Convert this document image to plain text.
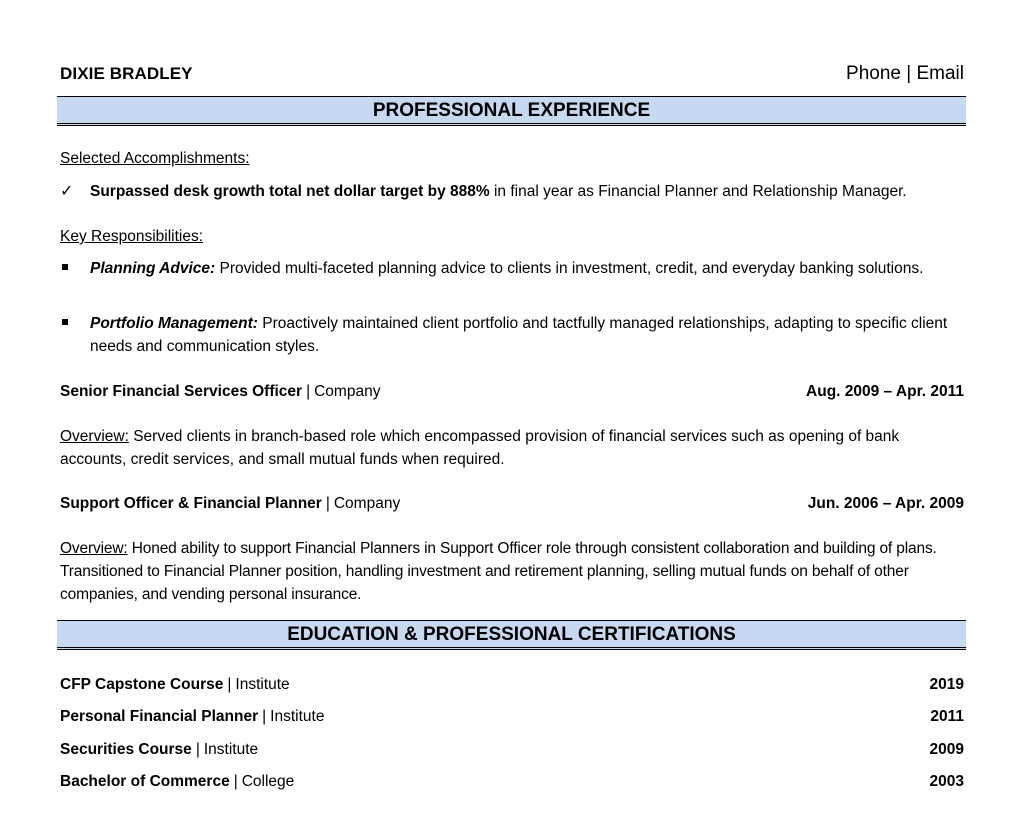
DIXIE BRADLEY	Phone | Email
PROFESSIONAL EXPERIENCE
Selected Accomplishments:
✓	Surpassed desk growth total net dollar target by 888% in final year as Financial Planner and Relationship Manager.
Key Responsibilities:
Planning Advice: Provided multi-faceted planning advice to clients in investment, credit, and everyday banking solutions.
Portfolio Management: Proactively maintained client portfolio and tactfully managed relationships, adapting to specific client needs and communication styles.
Senior Financial Services Officer | Company	Aug. 2009 – Apr. 2011
Overview: Served clients in branch-based role which encompassed provision of financial services such as opening of bank accounts, credit services, and small mutual funds when required.
Support Officer & Financial Planner | Company	Jun. 2006 – Apr. 2009
Overview: Honed ability to support Financial Planners in Support Officer role through consistent collaboration and building of plans. Transitioned to Financial Planner position, handling investment and retirement planning, selling mutual funds on behalf of other companies, and vending personal insurance.
EDUCATION & PROFESSIONAL CERTIFICATIONS
CFP Capstone Course | Institute	2019
Personal Financial Planner | Institute	2011
Securities Course | Institute	2009
Bachelor of Commerce | College	2003
